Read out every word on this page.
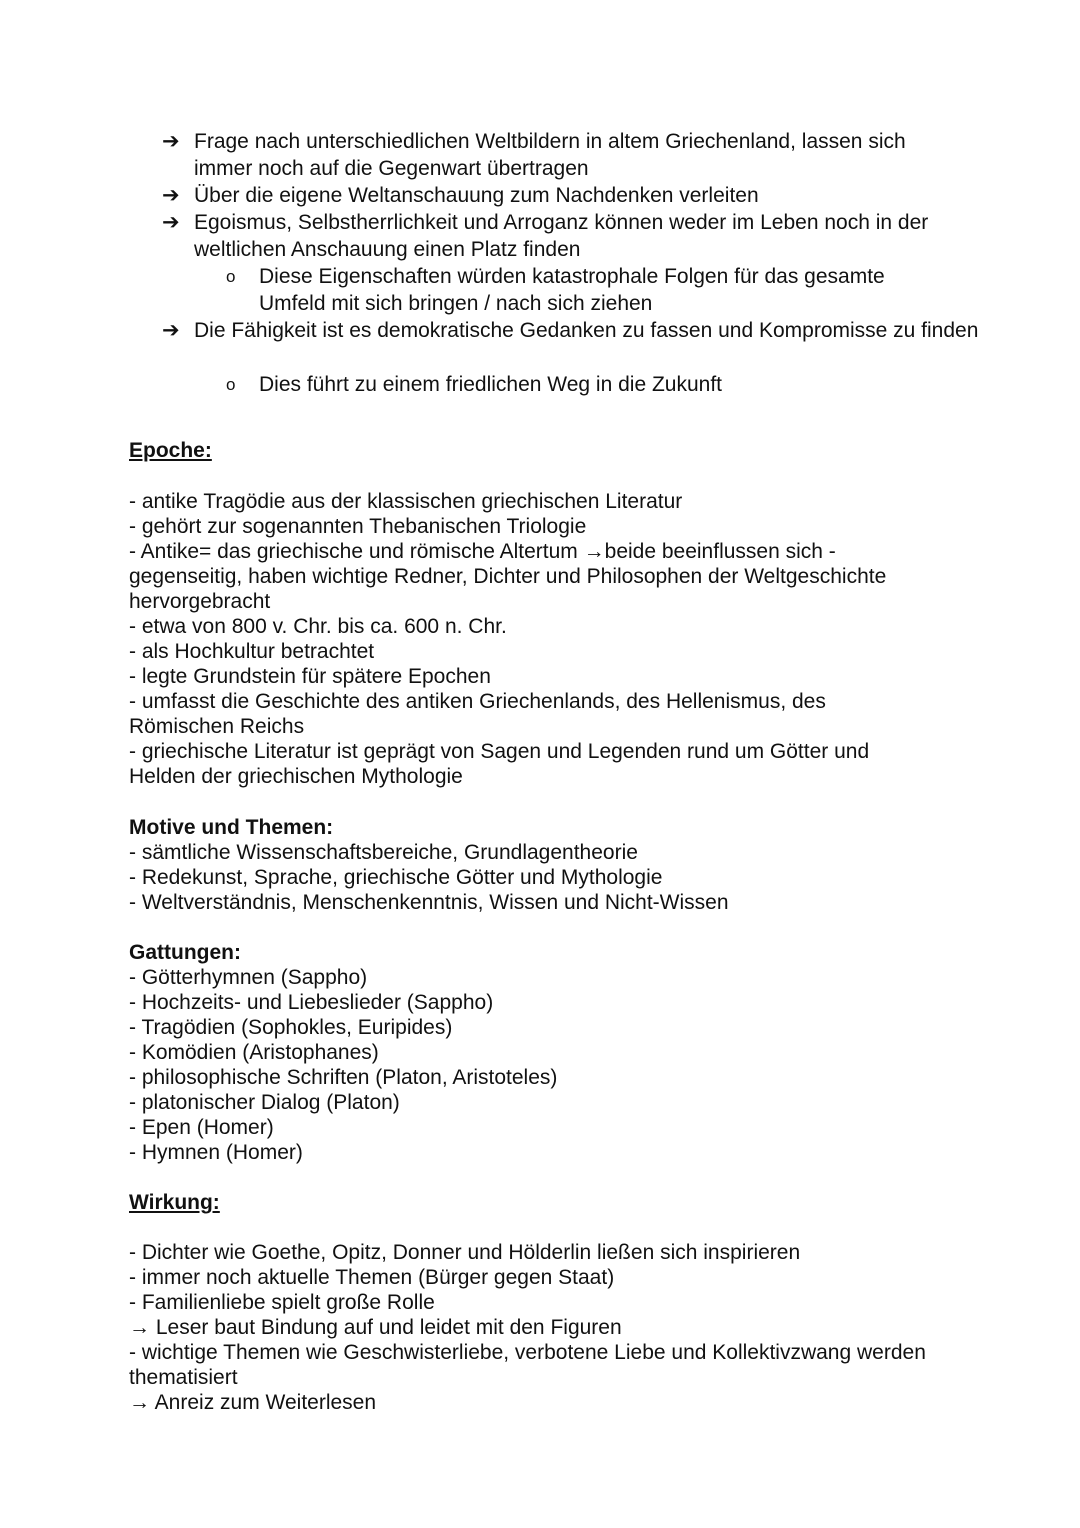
➔ Frage nach unterschiedlichen Weltbildern in altem Griechenland, lassen sich immer noch auf die Gegenwart übertragen
➔ Über die eigene Weltanschauung zum Nachdenken verleiten
➔ Egoismus, Selbstherrlichkeit und Arroganz können weder im Leben noch in der weltlichen Anschauung einen Platz finden
o Diese Eigenschaften würden katastrophale Folgen für das gesamte Umfeld mit sich bringen / nach sich ziehen
➔ Die Fähigkeit ist es demokratische Gedanken zu fassen und Kompromisse zu finden
o Dies führt zu einem friedlichen Weg in die Zukunft
Epoche:
- antike Tragödie aus der klassischen griechischen Literatur
- gehört zur sogenannten Thebanischen Triologie
- Antike= das griechische und römische Altertum →beide beeinflussen sich - gegenseitig, haben wichtige Redner, Dichter und Philosophen der Weltgeschichte hervorgebracht
- etwa von 800 v. Chr. bis ca. 600 n. Chr.
- als Hochkultur betrachtet
- legte Grundstein für spätere Epochen
- umfasst die Geschichte des antiken Griechenlands, des Hellenismus, des Römischen Reichs
- griechische Literatur ist geprägt von Sagen und Legenden rund um Götter und Helden der griechischen Mythologie
Motive und Themen:
- sämtliche Wissenschaftsbereiche, Grundlagentheorie
- Redekunst, Sprache, griechische Götter und Mythologie
- Weltverständnis, Menschenkenntnis, Wissen und Nicht-Wissen
Gattungen:
- Götterhymnen (Sappho)
- Hochzeits- und Liebeslieder (Sappho)
- Tragödien (Sophokles, Euripides)
- Komödien (Aristophanes)
- philosophische Schriften (Platon, Aristoteles)
- platonischer Dialog (Platon)
- Epen (Homer)
- Hymnen (Homer)
Wirkung:
- Dichter wie Goethe, Opitz, Donner und Hölderlin ließen sich inspirieren
- immer noch aktuelle Themen (Bürger gegen Staat)
- Familienliebe spielt große Rolle
→ Leser baut Bindung auf und leidet mit den Figuren
- wichtige Themen wie Geschwisterliebe, verbotene Liebe und Kollektivzwang werden thematisiert
→ Anreiz zum Weiterlesen
